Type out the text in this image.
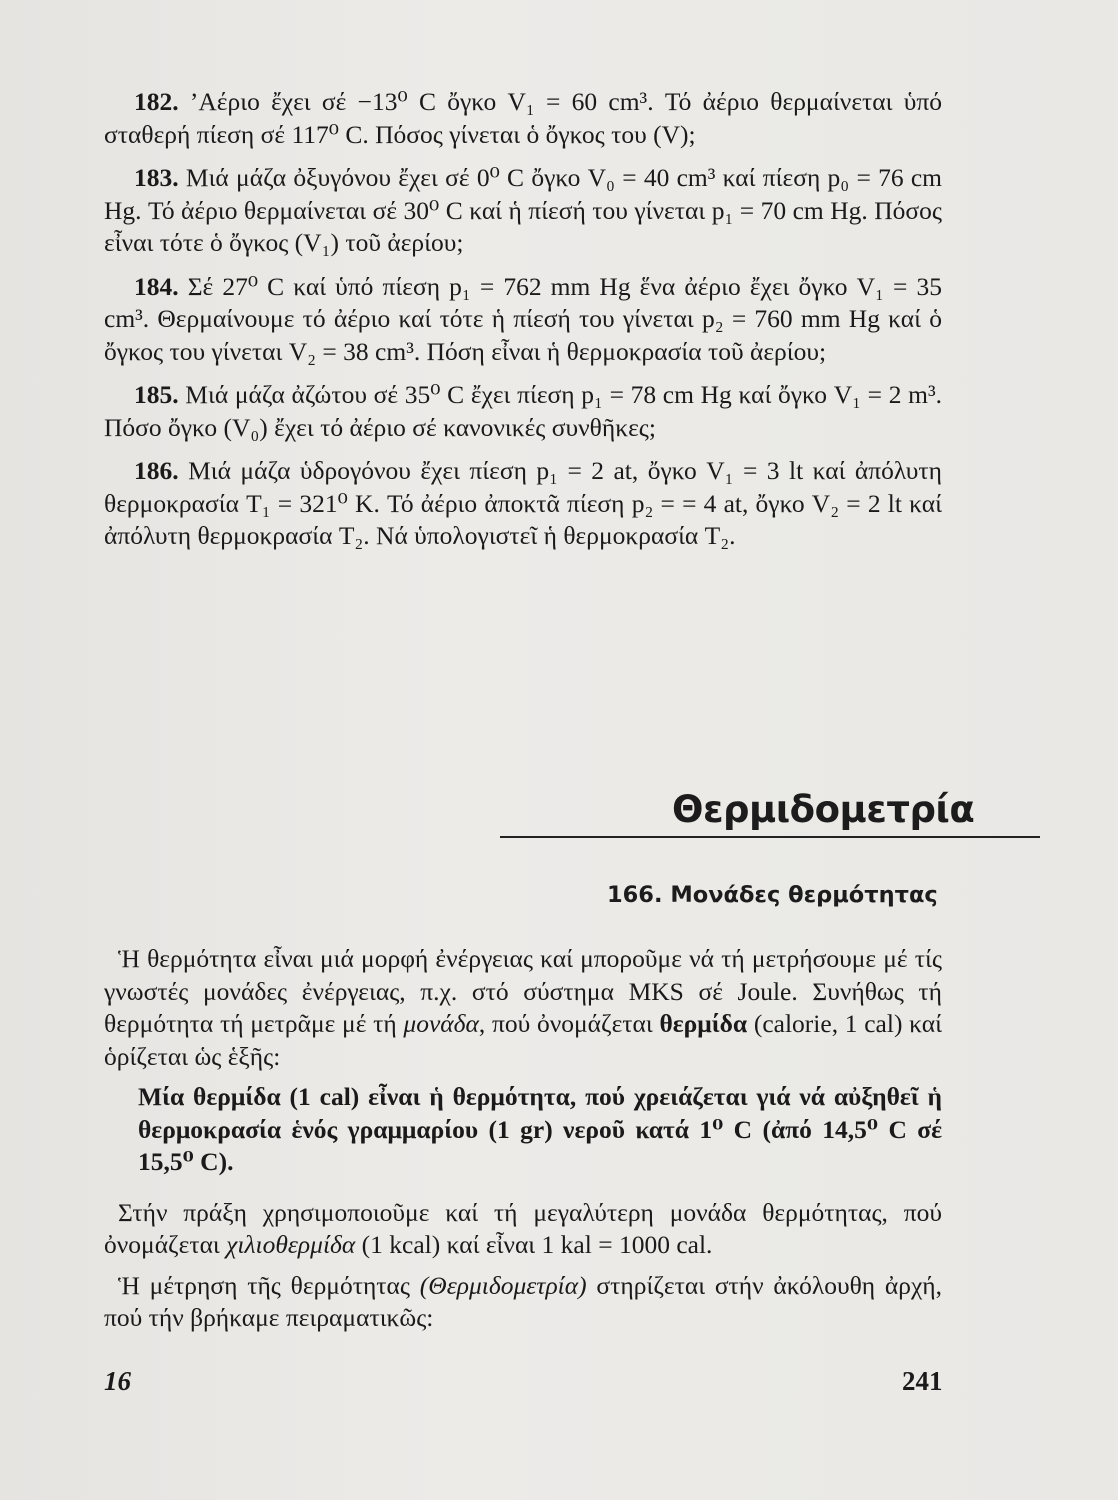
182. ’Αέριο ἔχει σέ −13⁰ C ὄγκο V₁ = 60 cm³. Τό ἀέριο θερμαίνεται ὑπό σταθερή πίεση σέ 117⁰ C. Πόσος γίνεται ὁ ὄγκος του (V);

183. Μιά μάζα ὀξυγόνου ἔχει σέ 0⁰ C ὄγκο V₀ = 40 cm³ καί πίεση p₀ = 76 cm Hg. Τό ἀέριο θερμαίνεται σέ 30⁰ C καί ἡ πίεσή του γίνεται p₁ = 70 cm Hg. Πόσος εἶναι τότε ὁ ὄγκος (V₁) τοῦ ἀερίου;

184. Σέ 27⁰ C καί ὑπό πίεση p₁ = 762 mm Hg ἕνα ἀέριο ἔχει ὄγκο V₁ = 35 cm³. Θερμαίνουμε τό ἀέριο καί τότε ἡ πίεσή του γίνεται p₂ = 760 mm Hg καί ὁ ὄγκος του γίνεται V₂ = 38 cm³. Πόση εἶναι ἡ θερμοκρασία τοῦ ἀερίου;

185. Μιά μάζα ἀζώτου σέ 35⁰ C ἔχει πίεση p₁ = 78 cm Hg καί ὄγκο V₁ = 2 m³. Πόσο ὄγκο (V₀) ἔχει τό ἀέριο σέ κανονικές συνθῆκες;

186. Μιά μάζα ὑδρογόνου ἔχει πίεση p₁ = 2 at, ὄγκο V₁ = 3 lt καί ἀπόλυτη θερμοκρασία T₁ = 321⁰ K. Τό ἀέριο ἀποκτᾶ πίεση p₂ = = 4 at, ὄγκο V₂ = 2 lt καί ἀπόλυτη θερμοκρασία T₂. Νά ὑπολογιστεῖ ἡ θερμοκρασία T₂.

Θερμιδομετρία
166. Μονάδες θερμότητας

Ἡ θερμότητα εἶναι μιά μορφή ἐνέργειας καί μποροῦμε νά τή μετρήσουμε μέ τίς γνωστές μονάδες ἐνέργειας, π.χ. στό σύστημα MKS σέ Joule. Συνήθως τή θερμότητα τή μετρᾶμε μέ τή μονάδα, πού ὀνομάζεται θερμίδα (calorie, 1 cal) καί ὁρίζεται ὡς ἑξῆς:

Μία θερμίδα (1 cal) εἶναι ἡ θερμότητα, πού χρειάζεται γιά νά αὐξηθεῖ ἡ θερμοκρασία ἑνός γραμμαρίου (1 gr) νεροῦ κατά 1⁰ C (ἀπό 14,5⁰ C σέ 15,5⁰ C).

Στήν πράξη χρησιμοποιοῦμε καί τή μεγαλύτερη μονάδα θερμότητας, πού ὀνομάζεται χιλιοθερμίδα (1 kcal) καί εἶναι 1 kal = 1000 cal.

Ἡ μέτρηση τῆς θερμότητας (Θερμιδομετρία) στηρίζεται στήν ἀκόλουθη ἀρχή, πού τήν βρήκαμε πειραματικῶς:

16	241
